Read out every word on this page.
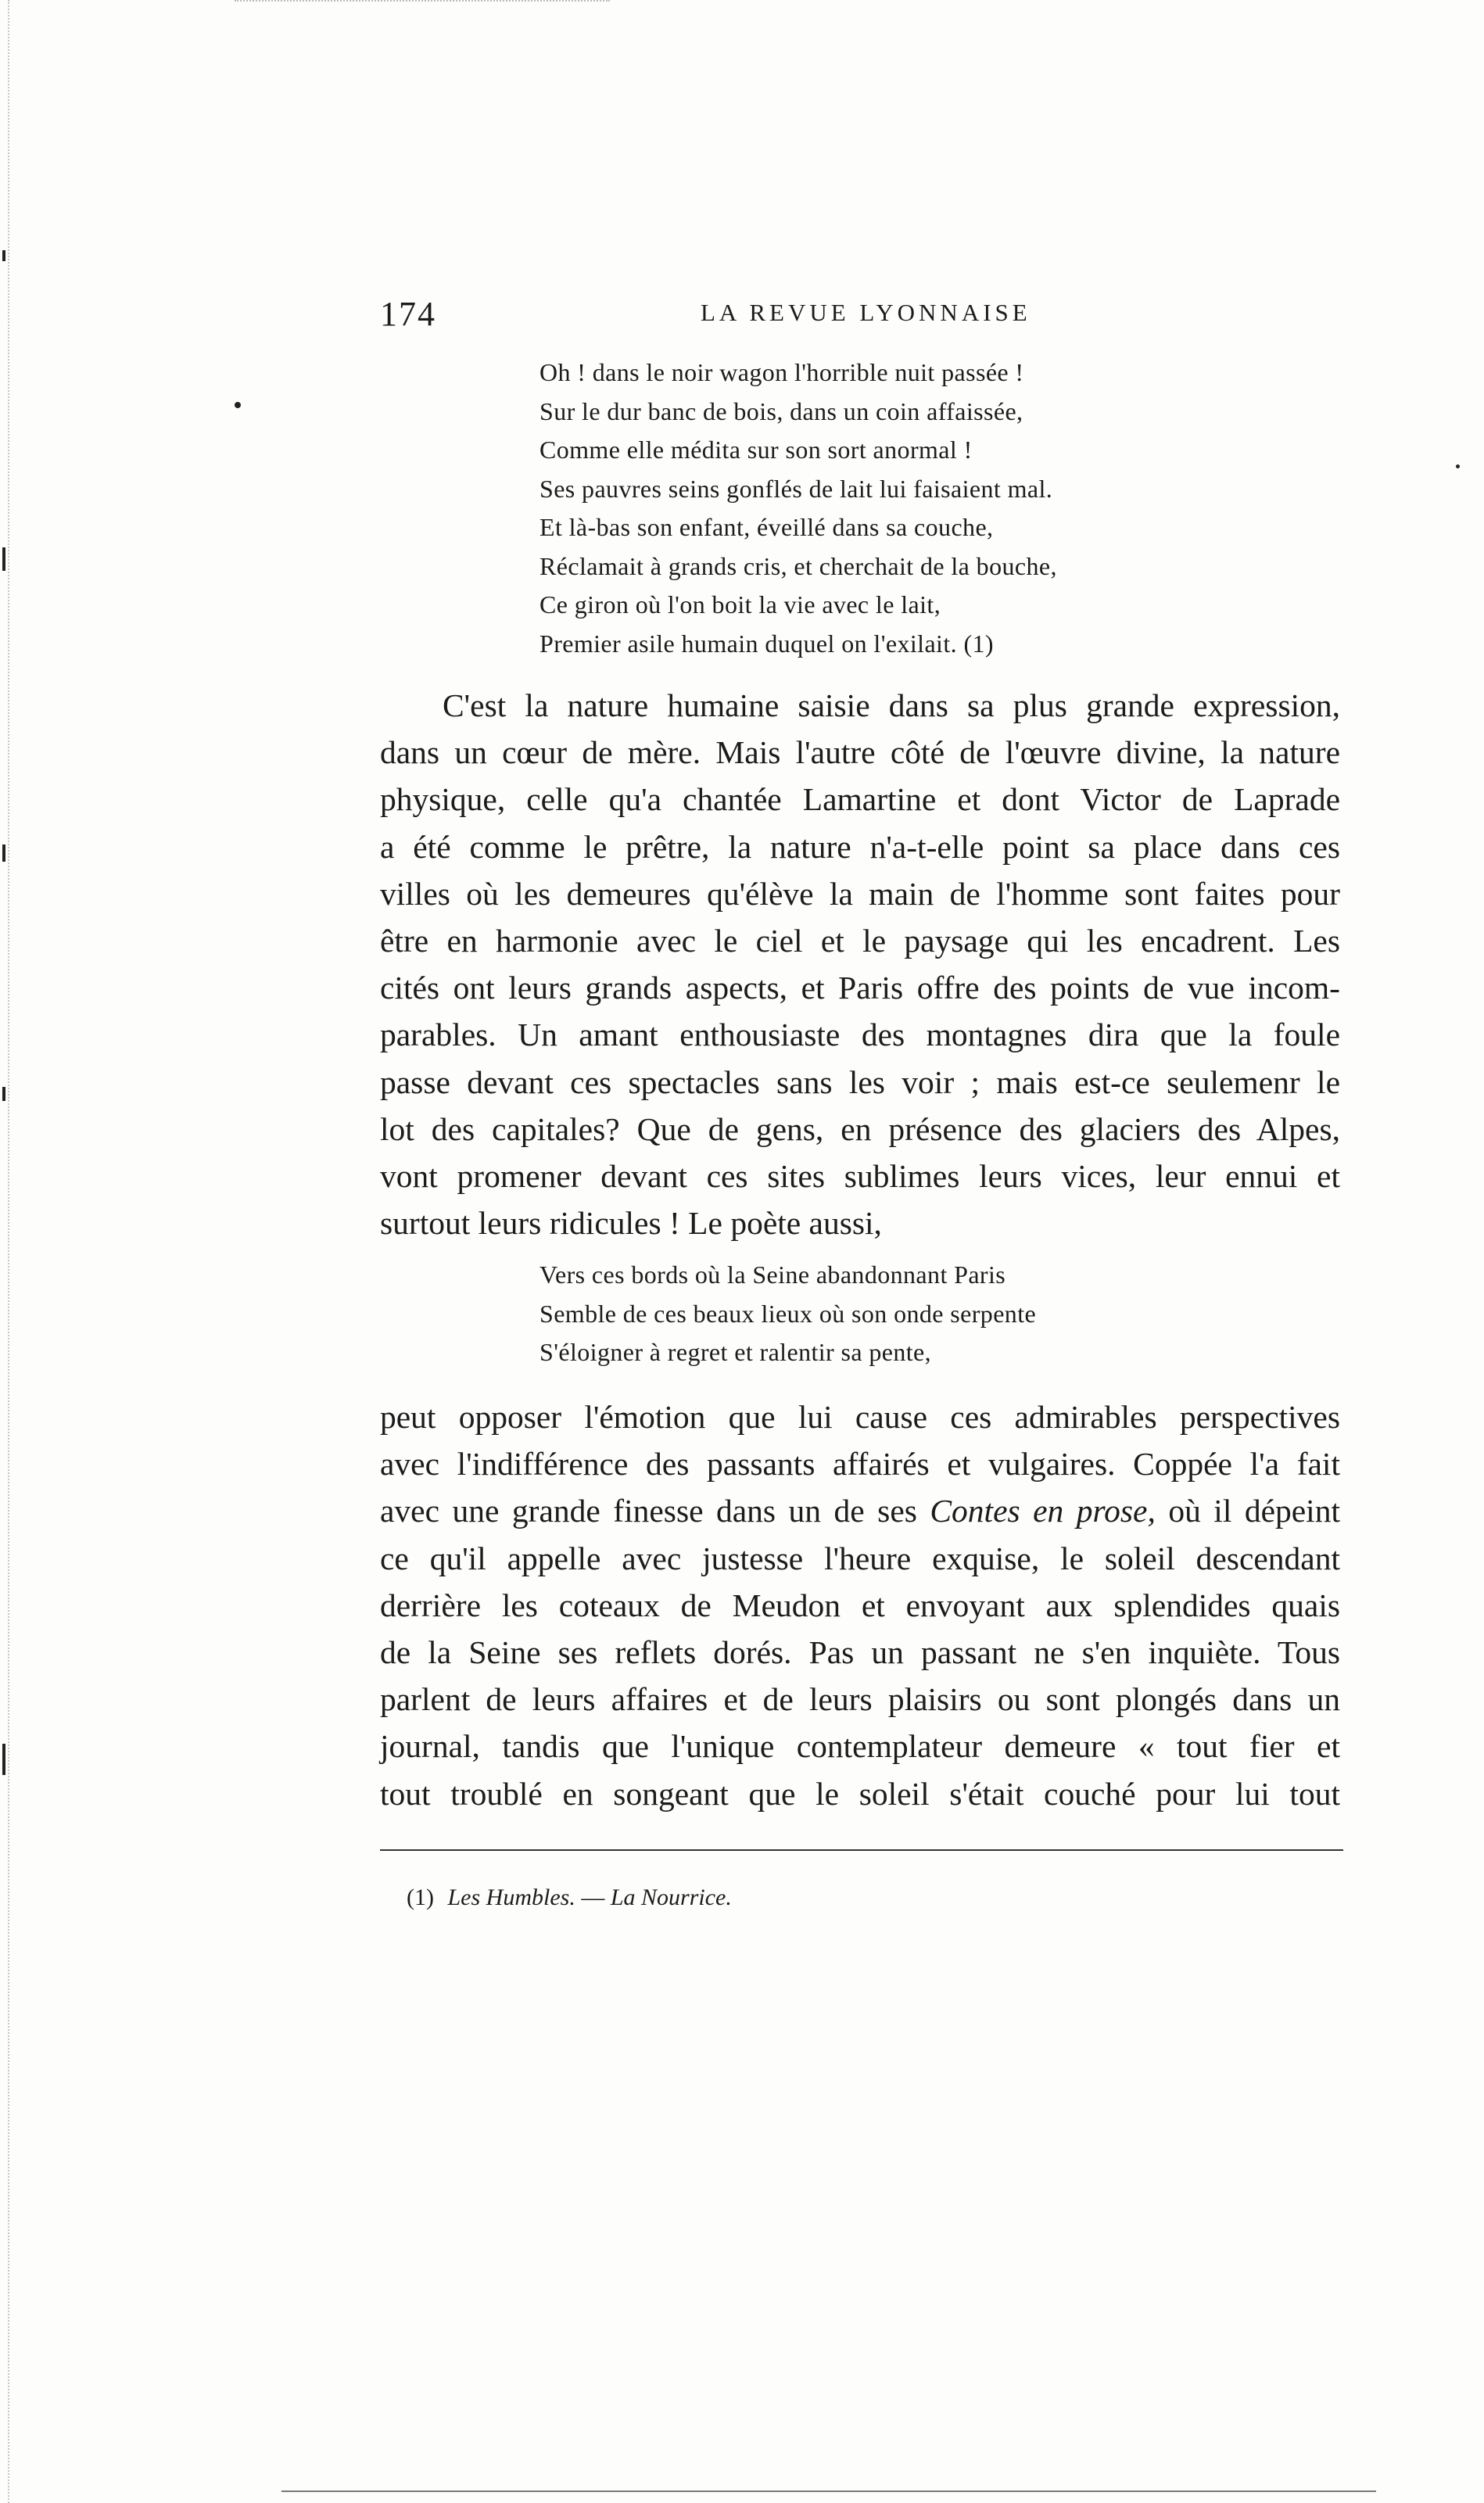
174	LA REVUE LYONNAISE
Oh ! dans le noir wagon l'horrible nuit passée !
Sur le dur banc de bois, dans un coin affaissée,
Comme elle médita sur son sort anormal !
Ses pauvres seins gonflés de lait lui faisaient mal.
Et là-bas son enfant, éveillé dans sa couche,
Réclamait à grands cris, et cherchait de la bouche,
Ce giron où l'on boit la vie avec le lait,
Premier asile humain duquel on l'exilait. (1)
C'est la nature humaine saisie dans sa plus grande expression,
dans un cœur de mère. Mais l'autre côté de l'œuvre divine, la nature
physique, celle qu'a chantée Lamartine et dont Victor de Laprade
a été comme le prêtre, la nature n'a-t-elle point sa place dans ces
villes où les demeures qu'élève la main de l'homme sont faites pour
être en harmonie avec le ciel et le paysage qui les encadrent. Les
cités ont leurs grands aspects, et Paris offre des points de vue incom-
parables. Un amant enthousiaste des montagnes dira que la foule
passe devant ces spectacles sans les voir ; mais est-ce seulemenr le
lot des capitales? Que de gens, en présence des glaciers des Alpes,
vont promener devant ces sites sublimes leurs vices, leur ennui et
surtout leurs ridicules ! Le poète aussi,
Vers ces bords où la Seine abandonnant Paris
Semble de ces beaux lieux où son onde serpente
S'éloigner à regret et ralentir sa pente,
peut opposer l'émotion que lui cause ces admirables perspectives
avec l'indifférence des passants affairés et vulgaires. Coppée l'a fait
avec une grande finesse dans un de ses Contes en prose, où il dépeint
ce qu'il appelle avec justesse l'heure exquise, le soleil descendant
derrière les coteaux de Meudon et envoyant aux splendides quais
de la Seine ses reflets dorés. Pas un passant ne s'en inquiète. Tous
parlent de leurs affaires et de leurs plaisirs ou sont plongés dans un
journal, tandis que l'unique contemplateur demeure « tout fier et
tout troublé en songeant que le soleil s'était couché pour lui tout
(1) Les Humbles. — La Nourrice.
